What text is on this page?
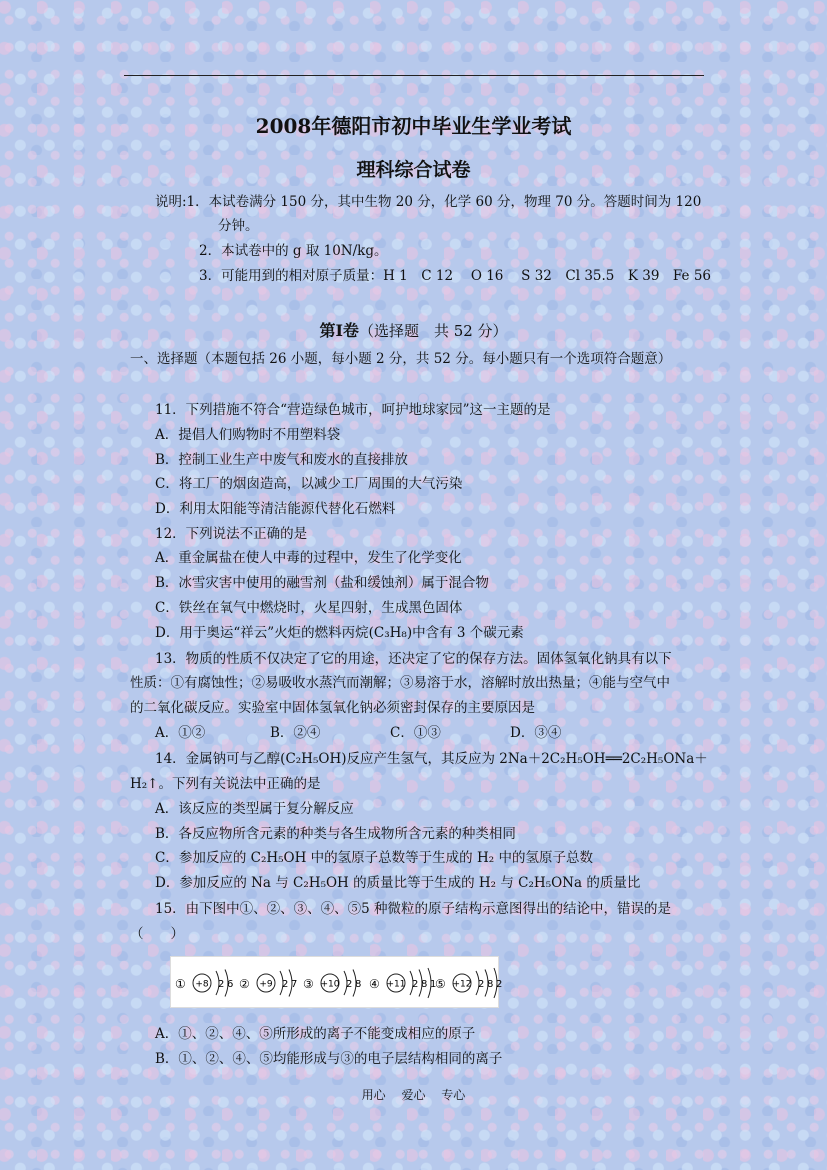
2008年德阳市初中毕业生学业考试
理科综合试卷
说明:1．本试卷满分 150 分，其中生物 20 分，化学 60 分，物理 70 分。答题时间为 120
分钟。
2．本试卷中的 g 取 10N/kg。
3．可能用到的相对原子质量：H 1　C 12　 O 16　 S 32　Cl 35.5　K 39　Fe 56
第Ⅰ卷（选择题　共 52 分）
一、选择题（本题包括 26 小题，每小题 2 分，共 52 分。每小题只有一个选项符合题意）
11．下列措施不符合“营造绿色城市，呵护地球家园”这一主题的是
A．提倡人们购物时不用塑料袋
B．控制工业生产中废气和废水的直接排放
C．将工厂的烟囱造高，以减少工厂周围的大气污染
D．利用太阳能等清洁能源代替化石燃料
12．下列说法不正确的是
A．重金属盐在使人中毒的过程中，发生了化学变化
B．冰雪灾害中使用的融雪剂（盐和缓蚀剂）属于混合物
C．铁丝在氧气中燃烧时，火星四射，生成黑色固体
D．用于奥运“祥云”火炬的燃料丙烷(C₃H₈)中含有 3 个碳元素
13．物质的性质不仅决定了它的用途，还决定了它的保存方法。固体氢氧化钠具有以下
性质：①有腐蚀性；②易吸收水蒸汽而潮解；③易溶于水，溶解时放出热量；④能与空气中
的二氧化碳反应。实验室中固体氢氧化钠必须密封保存的主要原因是
A．①②	B．②④	C．①③	D．③④
14．金属钠可与乙醇(C₂H₅OH)反应产生氢气，其反应为 2Na＋2C₂H₅OH══2C₂H₅ONa＋
H₂↑。下列有关说法中正确的是
A．该反应的类型属于复分解反应
B．各反应物所含元素的种类与各生成物所含元素的种类相同
C．参加反应的 C₂H₅OH 中的氢原子总数等于生成的 H₂ 中的氢原子总数
D．参加反应的 Na 与 C₂H₅OH 的质量比等于生成的 H₂ 与 C₂H₅ONa 的质量比
15．由下图中①、②、③、④、⑤5 种微粒的原子结构示意图得出的结论中，错误的是
（　　）
① +8 2 6 ② +9 2 7 ③ +10 2 8 ④ +11 2 8 1
⑤ +12 2 8 2
A．①、②、④、⑤所形成的离子不能变成相应的原子
B．①、②、④、⑤均能形成与③的电子层结构相同的离子
用心　 爱心　 专心
